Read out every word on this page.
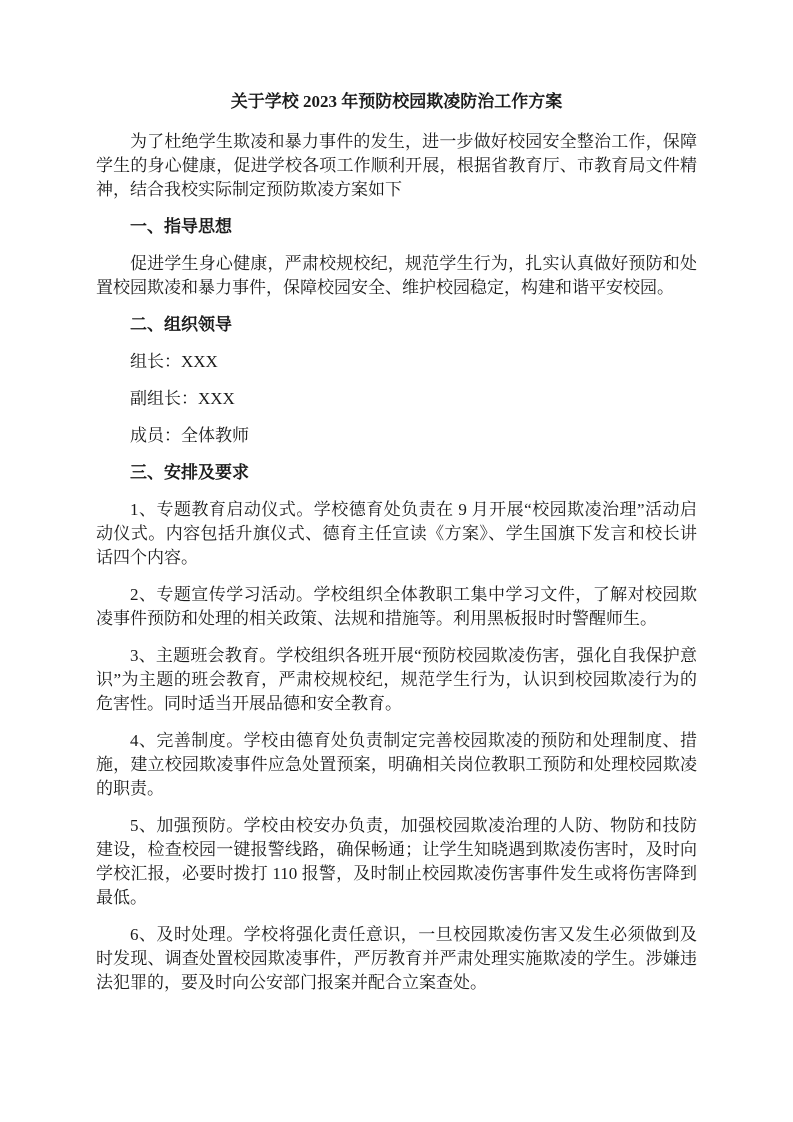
关于学校 2023 年预防校园欺凌防治工作方案

为了杜绝学生欺凌和暴力事件的发生，进一步做好校园安全整治工作，保障学生的身心健康，促进学校各项工作顺利开展，根据省教育厅、市教育局文件精神，结合我校实际制定预防欺凌方案如下

一、指导思想

促进学生身心健康，严肃校规校纪，规范学生行为，扎实认真做好预防和处置校园欺凌和暴力事件，保障校园安全、维护校园稳定，构建和谐平安校园。

二、组织领导

组长：XXX

副组长：XXX

成员：全体教师

三、安排及要求

1、专题教育启动仪式。学校德育处负责在 9 月开展“校园欺凌治理”活动启动仪式。内容包括升旗仪式、德育主任宣读《方案》、学生国旗下发言和校长讲话四个内容。

2、专题宣传学习活动。学校组织全体教职工集中学习文件，了解对校园欺凌事件预防和处理的相关政策、法规和措施等。利用黑板报时时警醒师生。

3、主题班会教育。学校组织各班开展“预防校园欺凌伤害，强化自我保护意识”为主题的班会教育，严肃校规校纪，规范学生行为，认识到校园欺凌行为的危害性。同时适当开展品德和安全教育。

4、完善制度。学校由德育处负责制定完善校园欺凌的预防和处理制度、措施，建立校园欺凌事件应急处置预案，明确相关岗位教职工预防和处理校园欺凌的职责。

5、加强预防。学校由校安办负责，加强校园欺凌治理的人防、物防和技防建设，检查校园一键报警线路，确保畅通；让学生知晓遇到欺凌伤害时，及时向学校汇报，必要时拨打 110 报警，及时制止校园欺凌伤害事件发生或将伤害降到最低。

6、及时处理。学校将强化责任意识，一旦校园欺凌伤害又发生必须做到及时发现、调查处置校园欺凌事件，严厉教育并严肃处理实施欺凌的学生。涉嫌违法犯罪的，要及时向公安部门报案并配合立案查处。
